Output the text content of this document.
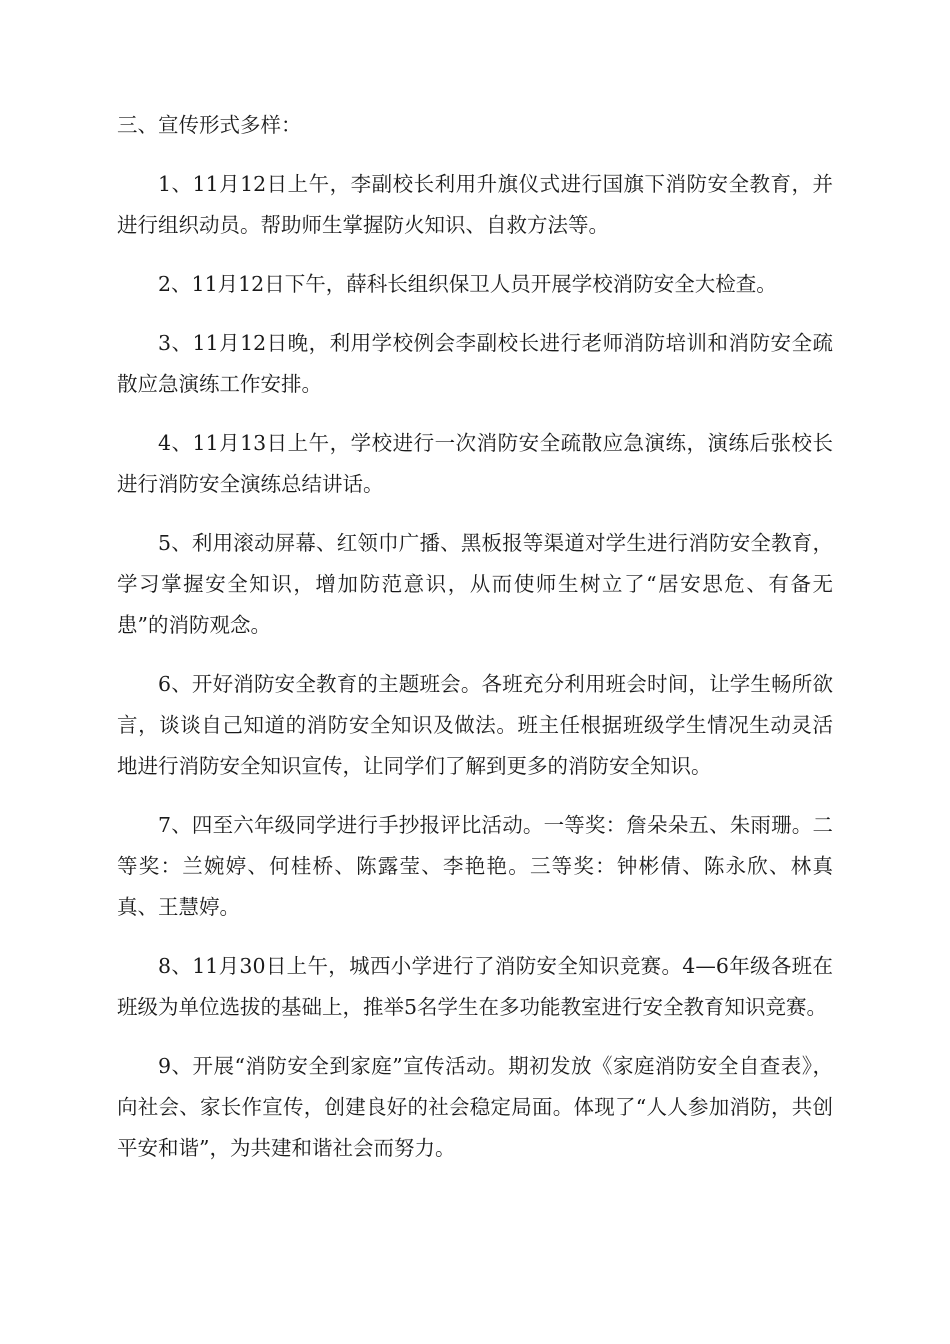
三、宣传形式多样：

1、11月12日上午，李副校长利用升旗仪式进行国旗下消防安全教育，并进行组织动员。帮助师生掌握防火知识、自救方法等。

2、11月12日下午，薛科长组织保卫人员开展学校消防安全大检查。

3、11月12日晚，利用学校例会李副校长进行老师消防培训和消防安全疏散应急演练工作安排。

4、11月13日上午，学校进行一次消防安全疏散应急演练，演练后张校长进行消防安全演练总结讲话。

5、利用滚动屏幕、红领巾广播、黑板报等渠道对学生进行消防安全教育，学习掌握安全知识，增加防范意识，从而使师生树立了“居安思危、有备无患”的消防观念。

6、开好消防安全教育的主题班会。各班充分利用班会时间，让学生畅所欲言，谈谈自己知道的消防安全知识及做法。班主任根据班级学生情况生动灵活地进行消防安全知识宣传，让同学们了解到更多的消防安全知识。

7、四至六年级同学进行手抄报评比活动。一等奖：詹朵朵五、朱雨珊。二等奖：兰婉婷、何桂桥、陈露莹、李艳艳。三等奖：钟彬倩、陈永欣、林真真、王慧婷。

8、11月30日上午，城西小学进行了消防安全知识竞赛。4—6年级各班在班级为单位选拔的基础上，推举5名学生在多功能教室进行安全教育知识竞赛。

9、开展“消防安全到家庭”宣传活动。期初发放《家庭消防安全自查表》，向社会、家长作宣传，创建良好的社会稳定局面。体现了“人人参加消防，共创平安和谐”，为共建和谐社会而努力。
